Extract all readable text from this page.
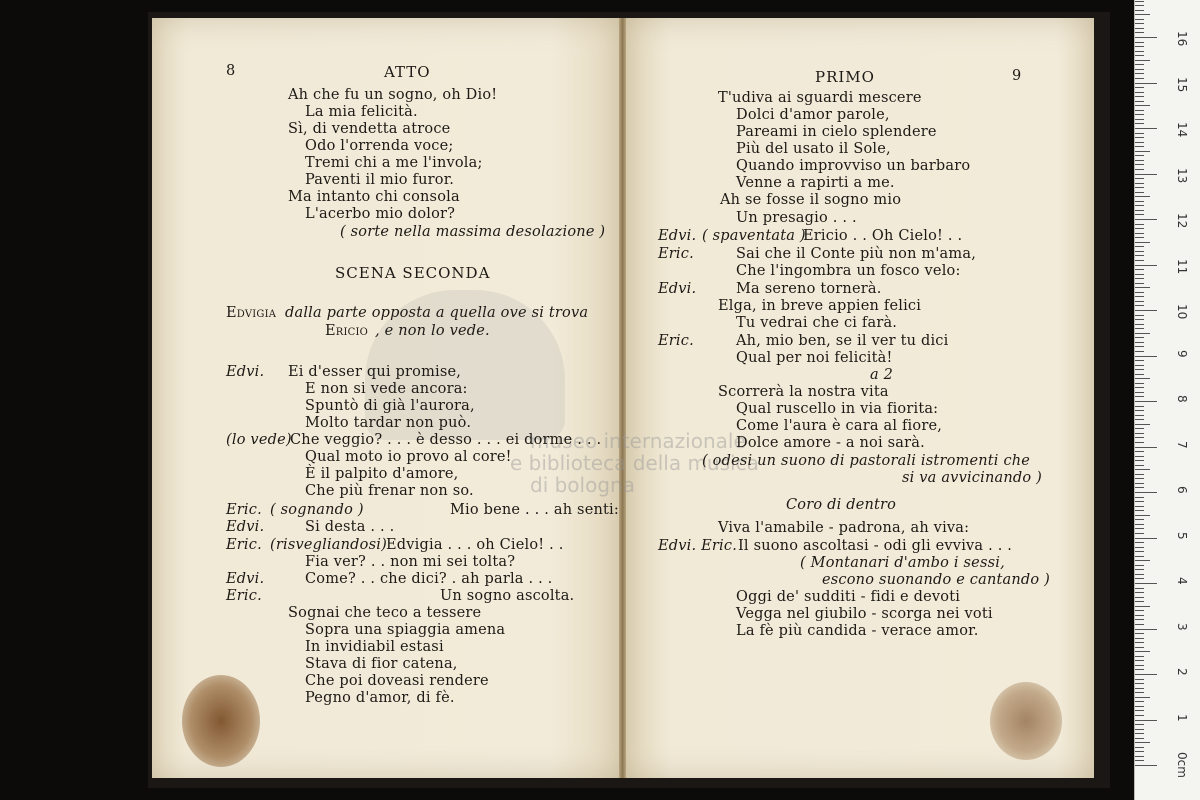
museo internazionale
e biblioteca della musica
di bologna
8	ATTO
Ah che fu un sogno, oh Dio!
La mia felicità.
Sì, di vendetta atroce
Odo l'orrenda voce;
Tremi chi a me l'invola;
Paventi il mio furor.
Ma intanto chi consola
L'acerbo mio dolor?
( sorte nella massima desolazione )
SCENA SECONDA
Edvigia dalla parte opposta a quella ove si trova
Ericio , e non lo vede.
Edvi. Ei d'esser qui promise,
E non si vede ancora:
Spuntò di già l'aurora,
Molto tardar non può.
(lo vede)
Che veggio? . . . è desso . . . ei dorme . . .
Qual moto io provo al core!
È il palpito d'amore,
Che più frenar non so.
Eric. ( sognando )	Mio bene . . . ah senti:
Edvi.	Si desta . . .
Eric. (risvegliandosi) Edvigia . . . oh Cielo! . .
Fia ver? . . non mi sei tolta?
Edvi.	Come? . . che dici? . ah parla . . .
Eric.	Un sogno ascolta.
Sognai che teco a tessere
Sopra una spiaggia amena
In invidiabil estasi
Stava di fior catena,
Che poi doveasi rendere
Pegno d'amor, di fè.
PRIMO	9
T'udiva ai sguardi mescere
Dolci d'amor parole,
Pareami in cielo splendere
Più del usato il Sole,
Quando improvviso un barbaro
Venne a rapirti a me.
Ah se fosse il sogno mio
Un presagio . . .
Edvi. ( spaventata )
Ericio . . Oh Cielo! . .
Eric.	Sai che il Conte più non m'ama,
Che l'ingombra un fosco velo:
Edvi.	Ma sereno tornerà.
Elga, in breve appien felici
Tu vedrai che ci farà.
Eric.	Ah, mio ben, se il ver tu dici
Qual per noi felicità!
a 2
Scorrerà la nostra vita
Qual ruscello in via fiorita:
Come l'aura è cara al fiore,
Dolce amore - a noi sarà.
( odesi un suono di pastorali istromenti che
si va avvicinando )
Coro di dentro
Viva l'amabile - padrona, ah viva:
Edvi. Eric. Il suono ascoltasi - odi gli evviva . . .
( Montanari d'ambo i sessi,
escono suonando e cantando )
Oggi de' sudditi - fidi e devoti
Vegga nel giubilo - scorga nei voti
La fè più candida - verace amor.
1
2
3
4
5
6
7
8
9
10
11
12
13
14
15
16
0cm
